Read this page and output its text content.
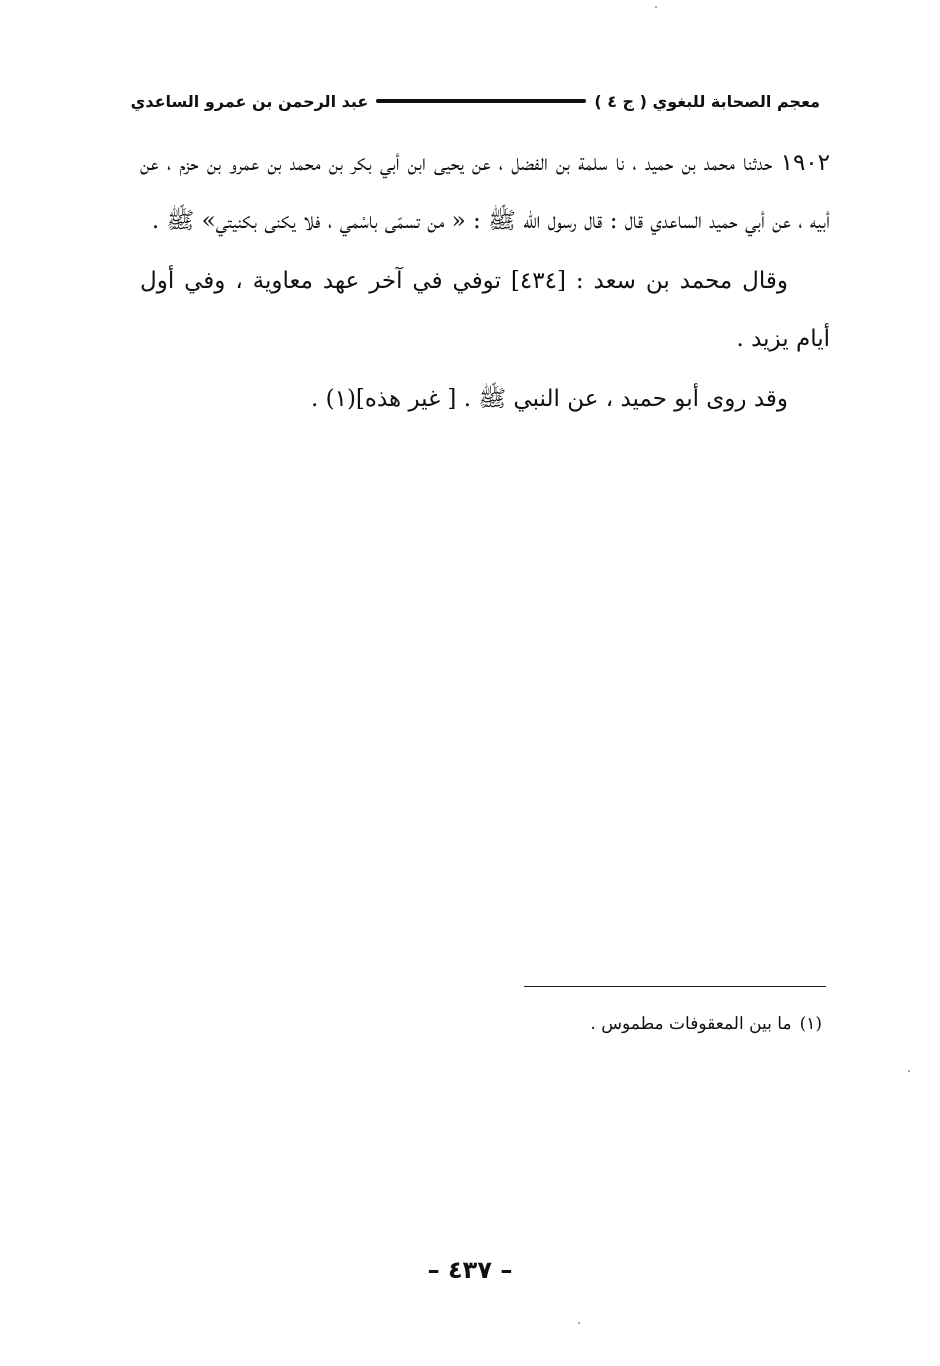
معجم الصحابة للبغوي ( ج ٤ )
عبد الرحمن بن عمرو الساعدي

١٩٠٢ حدثنا محمد بن حميد ، نا سلمة بن الفضل ، عن يحيى ابن أبي بكر بن محمد بن عمرو بن حزم ، عن أبيه ، عن أبي حميد الساعدي قال : قال رسول الله ﷺ : « من تسمّى باسْمي ، فلا يكنى بكنيتي» ﷺ .

وقال محمد بن سعد : [٤٣٤] توفي في آخر عهد معاوية ، وفي أول أيام يزيد .

وقد روى أبو حميد ، عن النبي ﷺ . [ غير هذه](١) .

(١)ما بين المعقوفات مطموس .
– ٤٣٧ –
